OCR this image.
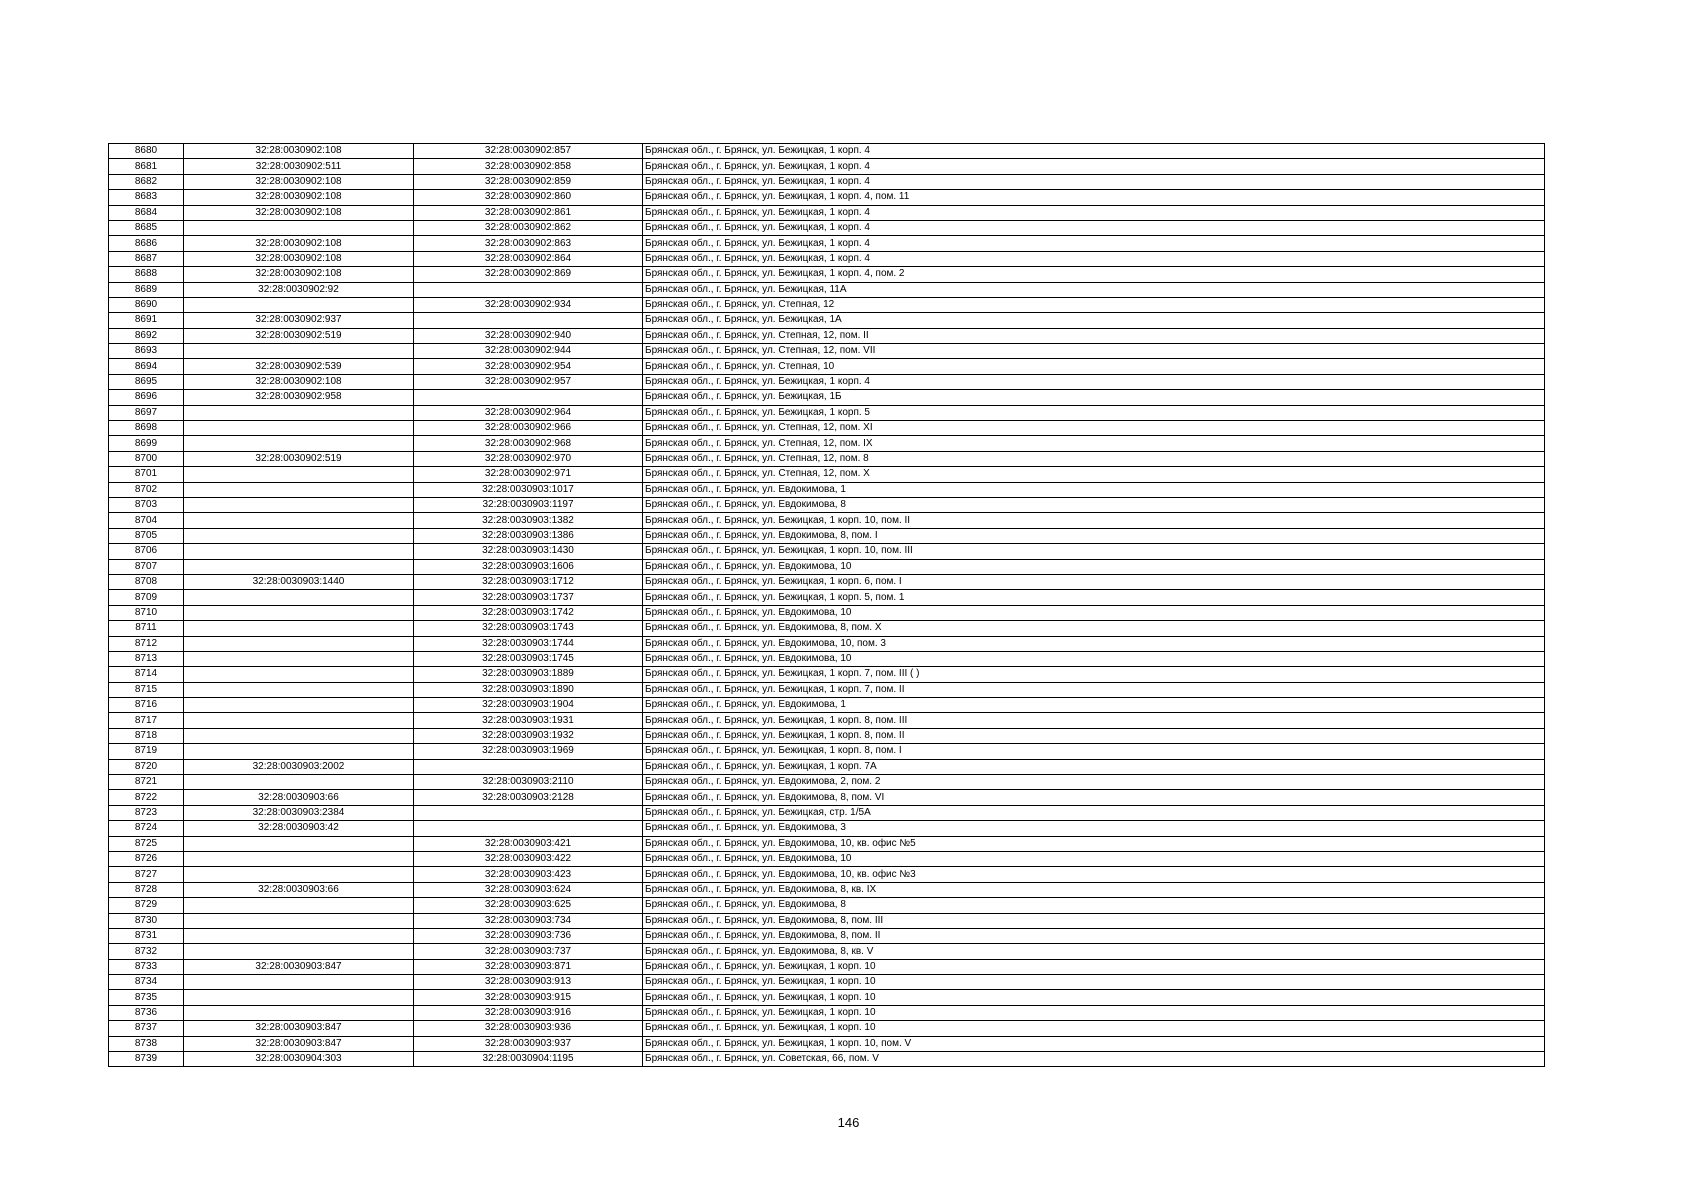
8680	32:28:0030902:108	32:28:0030902:857	Брянская обл., г. Брянск, ул. Бежицкая, 1 корп. 4
8681	32:28:0030902:511	32:28:0030902:858	Брянская обл., г. Брянск, ул. Бежицкая, 1 корп. 4
8682	32:28:0030902:108	32:28:0030902:859	Брянская обл., г. Брянск, ул. Бежицкая, 1 корп. 4
8683	32:28:0030902:108	32:28:0030902:860	Брянская обл., г. Брянск, ул. Бежицкая, 1 корп. 4, пом. 11
8684	32:28:0030902:108	32:28:0030902:861	Брянская обл., г. Брянск, ул. Бежицкая, 1 корп. 4
8685		32:28:0030902:862	Брянская обл., г. Брянск, ул. Бежицкая, 1 корп. 4
8686	32:28:0030902:108	32:28:0030902:863	Брянская обл., г. Брянск, ул. Бежицкая, 1 корп. 4
8687	32:28:0030902:108	32:28:0030902:864	Брянская обл., г. Брянск, ул. Бежицкая, 1 корп. 4
8688	32:28:0030902:108	32:28:0030902:869	Брянская обл., г. Брянск, ул. Бежицкая, 1 корп. 4, пом. 2
8689	32:28:0030902:92		Брянская обл., г. Брянск, ул. Бежицкая, 11А
8690		32:28:0030902:934	Брянская обл., г. Брянск, ул. Степная, 12
8691	32:28:0030902:937		Брянская обл., г. Брянск, ул. Бежицкая, 1А
8692	32:28:0030902:519	32:28:0030902:940	Брянская обл., г. Брянск, ул. Степная, 12, пом. II
8693		32:28:0030902:944	Брянская обл., г. Брянск, ул. Степная, 12, пом. VII
8694	32:28:0030902:539	32:28:0030902:954	Брянская обл., г. Брянск, ул. Степная, 10
8695	32:28:0030902:108	32:28:0030902:957	Брянская обл., г. Брянск, ул. Бежицкая, 1 корп. 4
8696	32:28:0030902:958		Брянская обл., г. Брянск, ул. Бежицкая, 1Б
8697		32:28:0030902:964	Брянская обл., г. Брянск, ул. Бежицкая, 1 корп. 5
8698		32:28:0030902:966	Брянская обл., г. Брянск, ул. Степная, 12, пом. XI
8699		32:28:0030902:968	Брянская обл., г. Брянск, ул. Степная, 12, пом. IX
8700	32:28:0030902:519	32:28:0030902:970	Брянская обл., г. Брянск, ул. Степная, 12, пом. 8
8701		32:28:0030902:971	Брянская обл., г. Брянск, ул. Степная, 12, пом. X
8702		32:28:0030903:1017	Брянская обл., г. Брянск, ул. Евдокимова, 1
8703		32:28:0030903:1197	Брянская обл., г. Брянск, ул. Евдокимова, 8
8704		32:28:0030903:1382	Брянская обл., г. Брянск, ул. Бежицкая, 1 корп. 10, пом. II
8705		32:28:0030903:1386	Брянская обл., г. Брянск, ул. Евдокимова, 8, пом. I
8706		32:28:0030903:1430	Брянская обл., г. Брянск, ул. Бежицкая, 1 корп. 10, пом. III
8707		32:28:0030903:1606	Брянская обл., г. Брянск, ул. Евдокимова, 10
8708	32:28:0030903:1440	32:28:0030903:1712	Брянская обл., г. Брянск, ул. Бежицкая, 1 корп. 6, пом. I
8709		32:28:0030903:1737	Брянская обл., г. Брянск, ул. Бежицкая, 1 корп. 5, пом. 1
8710		32:28:0030903:1742	Брянская обл., г. Брянск, ул. Евдокимова, 10
8711		32:28:0030903:1743	Брянская обл., г. Брянск, ул. Евдокимова, 8, пом. X
8712		32:28:0030903:1744	Брянская обл., г. Брянск, ул. Евдокимова, 10, пом. 3
8713		32:28:0030903:1745	Брянская обл., г. Брянск, ул. Евдокимова, 10
8714		32:28:0030903:1889	Брянская обл., г. Брянск, ул. Бежицкая, 1 корп. 7, пом. III ( )
8715		32:28:0030903:1890	Брянская обл., г. Брянск, ул. Бежицкая, 1 корп. 7, пом. II
8716		32:28:0030903:1904	Брянская обл., г. Брянск, ул. Евдокимова, 1
8717		32:28:0030903:1931	Брянская обл., г. Брянск, ул. Бежицкая, 1 корп. 8, пом. III
8718		32:28:0030903:1932	Брянская обл., г. Брянск, ул. Бежицкая, 1 корп. 8, пом. II
8719		32:28:0030903:1969	Брянская обл., г. Брянск, ул. Бежицкая, 1 корп. 8, пом. I
8720	32:28:0030903:2002		Брянская обл., г. Брянск, ул. Бежицкая, 1 корп. 7А
8721		32:28:0030903:2110	Брянская обл., г. Брянск, ул. Евдокимова, 2, пом. 2
8722	32:28:0030903:66	32:28:0030903:2128	Брянская обл., г. Брянск, ул. Евдокимова, 8, пом. VI
8723	32:28:0030903:2384		Брянская обл., г. Брянск, ул. Бежицкая, стр. 1/5А
8724	32:28:0030903:42		Брянская обл., г. Брянск, ул. Евдокимова, 3
8725		32:28:0030903:421	Брянская обл., г. Брянск, ул. Евдокимова, 10, кв. офис №5
8726		32:28:0030903:422	Брянская обл., г. Брянск, ул. Евдокимова, 10
8727		32:28:0030903:423	Брянская обл., г. Брянск, ул. Евдокимова, 10, кв. офис №3
8728	32:28:0030903:66	32:28:0030903:624	Брянская обл., г. Брянск, ул. Евдокимова, 8, кв. IX
8729		32:28:0030903:625	Брянская обл., г. Брянск, ул. Евдокимова, 8
8730		32:28:0030903:734	Брянская обл., г. Брянск, ул. Евдокимова, 8, пом. III
8731		32:28:0030903:736	Брянская обл., г. Брянск, ул. Евдокимова, 8, пом. II
8732		32:28:0030903:737	Брянская обл., г. Брянск, ул. Евдокимова, 8, кв. V
8733	32:28:0030903:847	32:28:0030903:871	Брянская обл., г. Брянск, ул. Бежицкая, 1 корп. 10
8734		32:28:0030903:913	Брянская обл., г. Брянск, ул. Бежицкая, 1 корп. 10
8735		32:28:0030903:915	Брянская обл., г. Брянск, ул. Бежицкая, 1 корп. 10
8736		32:28:0030903:916	Брянская обл., г. Брянск, ул. Бежицкая, 1 корп. 10
8737	32:28:0030903:847	32:28:0030903:936	Брянская обл., г. Брянск, ул. Бежицкая, 1 корп. 10
8738	32:28:0030903:847	32:28:0030903:937	Брянская обл., г. Брянск, ул. Бежицкая, 1 корп. 10, пом. V
8739	32:28:0030904:303	32:28:0030904:1195	Брянская обл., г. Брянск, ул. Советская, 66, пом. V
146
